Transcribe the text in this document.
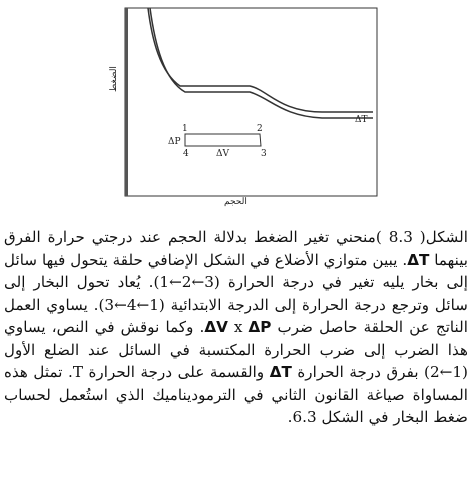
الضغط
الحجم
ΔT
1	2
3
4
ΔP
ΔV

الشكل( 8.3 )منحني تغير الضغط بدلالة الحجم عند درجتي حرارة الفرق بينهما ΔT. يبين متوازي الأضلاع في الشكل الإضافي حلقة يتحول فيها سائل إلى بخار يليه تغير في درجة الحرارة (3←2←1). يُعاد تحول البخار إلى سائل وترجع درجة الحرارة إلى الدرجة الابتدائية (1←4←3). يساوي العمل الناتج عن الحلقة حاصل ضرب ΔV x ΔP. وكما نوقش في النص، يساوي هذا الضرب إلى ضرب الحرارة المكتسبة في السائل عند الضلع الأول (1←2) بفرق درجة الحرارة ΔT والقسمة على درجة الحرارة T. تمثل هذه المساواة صياغة القانون الثاني في الترموديناميك الذي استُعمل لحساب ضغط البخار في الشكل 6.3.
